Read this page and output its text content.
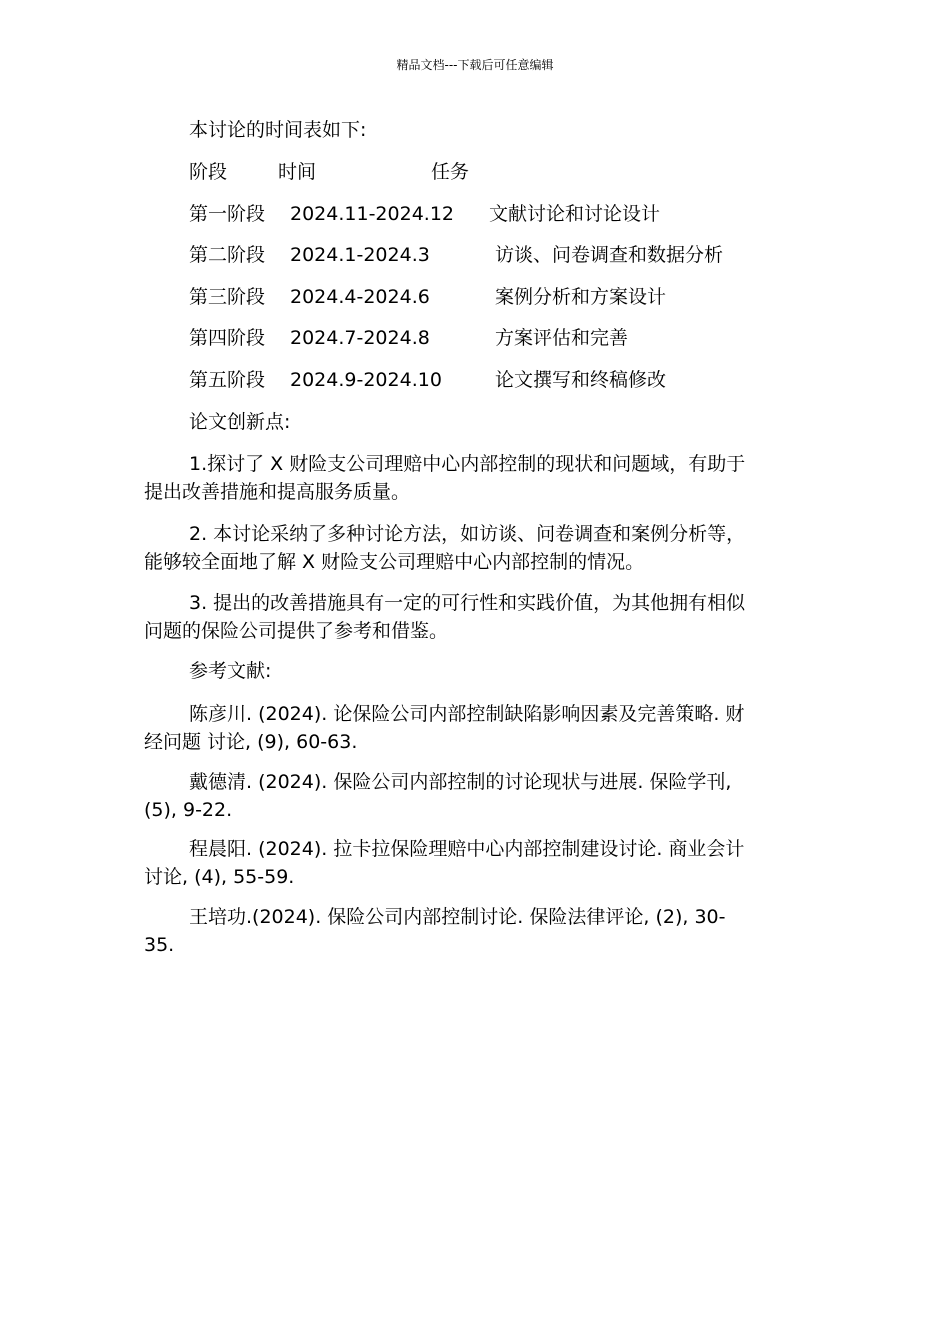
精品文档---下载后可任意编辑
本讨论的时间表如下:
阶段	时间	任务
第一阶段 2024.11-2024.12 文献讨论和讨论设计
第二阶段 2024.1-2024.3	访谈、问卷调查和数据分析
第三阶段 2024.4-2024.6	案例分析和方案设计
第四阶段 2024.7-2024.8	方案评估和完善
第五阶段 2024.9-2024.10	论文撰写和终稿修改
论文创新点:
1.探讨了 X 财险支公司理赔中心内部控制的现状和问题域，有助于
提出改善措施和提高服务质量。
2. 本讨论采纳了多种讨论方法，如访谈、问卷调查和案例分析等，
能够较全面地了解 X 财险支公司理赔中心内部控制的情况。
3. 提出的改善措施具有一定的可行性和实践价值，为其他拥有相似
问题的保险公司提供了参考和借鉴。
参考文献:
陈彦川. (2024). 论保险公司内部控制缺陷影响因素及完善策略. 财
经问题 讨论, (9), 60-63.
戴德清. (2024). 保险公司内部控制的讨论现状与进展. 保险学刊,
(5), 9-22.
程晨阳. (2024). 拉卡拉保险理赔中心内部控制建设讨论. 商业会计
讨论, (4), 55-59.
王培功.(2024). 保险公司内部控制讨论. 保险法律评论, (2), 30-
35.
